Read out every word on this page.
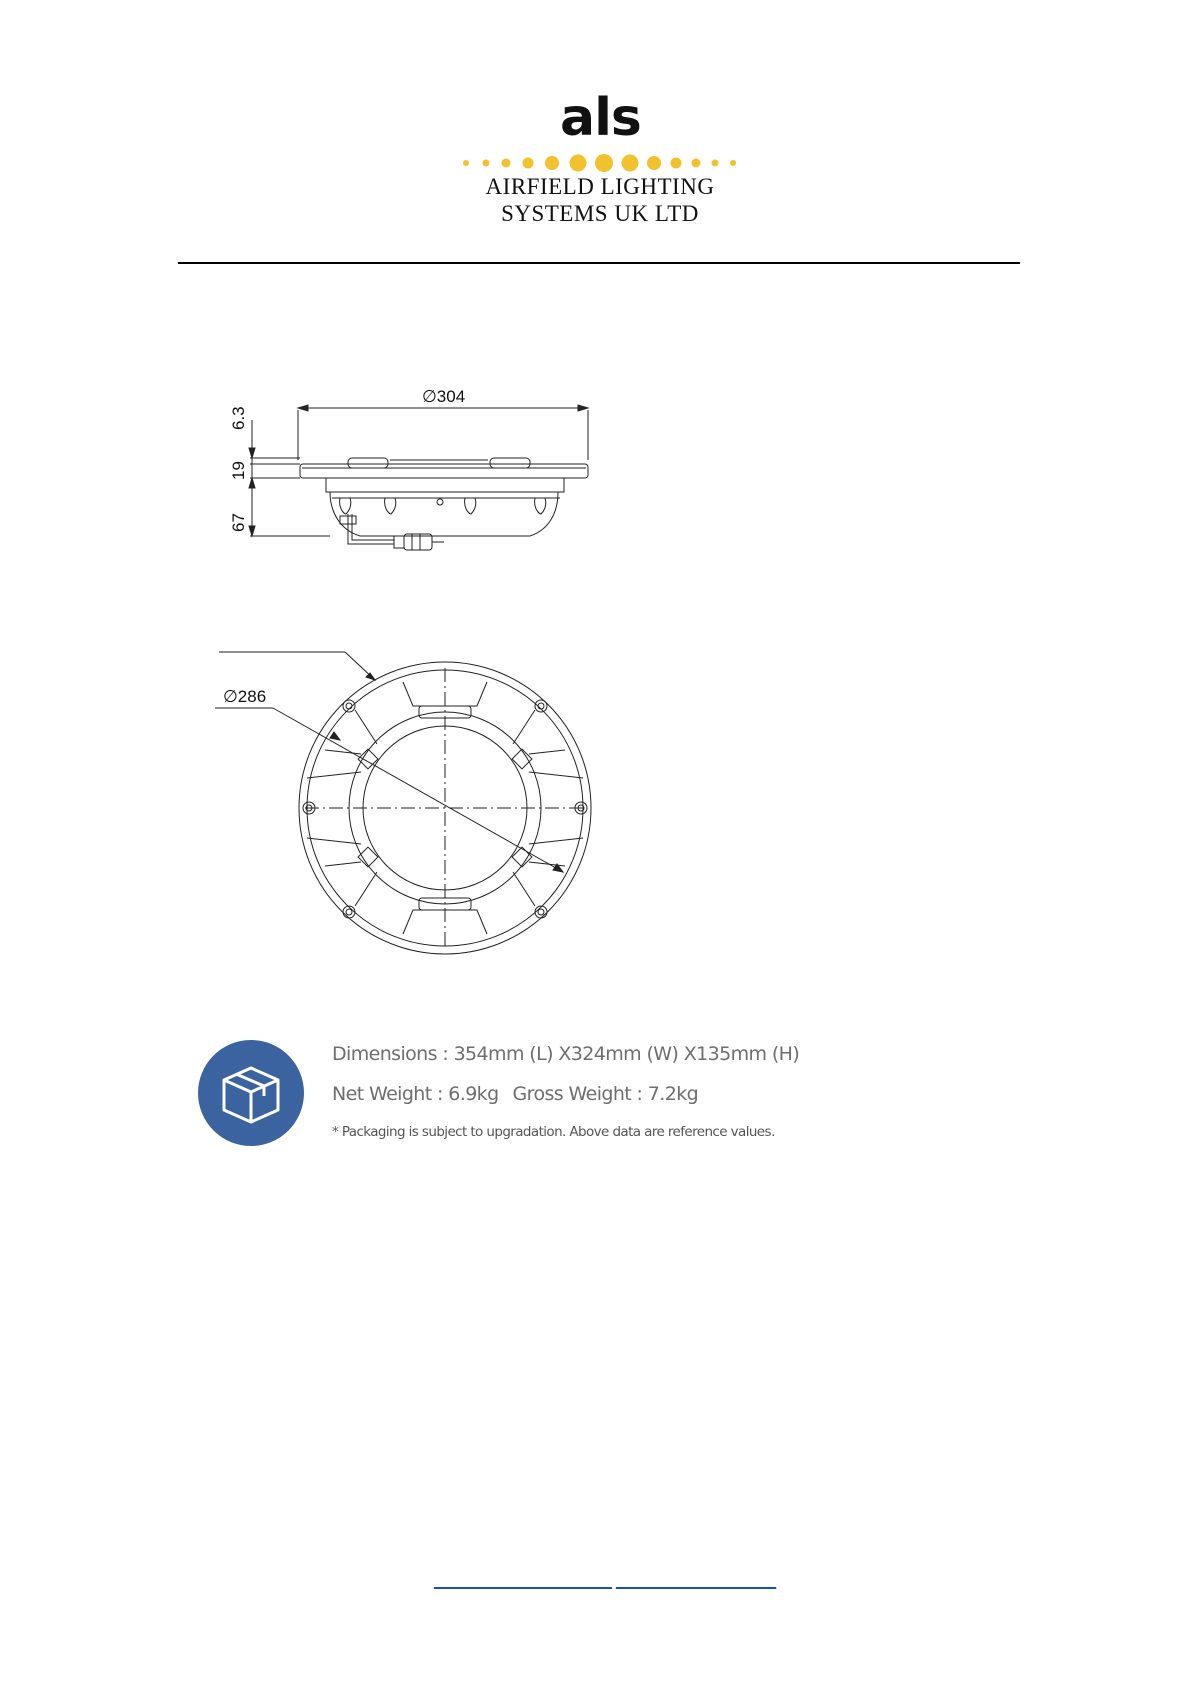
als
AIRFIELD LIGHTING
SYSTEMS UK LTD
∅304
6.3
19
67
∅286
Dimensions : 354mm (L) X324mm (W) X135mm (H)
Net Weight : 6.9kg Gross Weight : 7.2kg
* Packaging is subject to upgradation. Above data are reference values.
____________________ __________________
